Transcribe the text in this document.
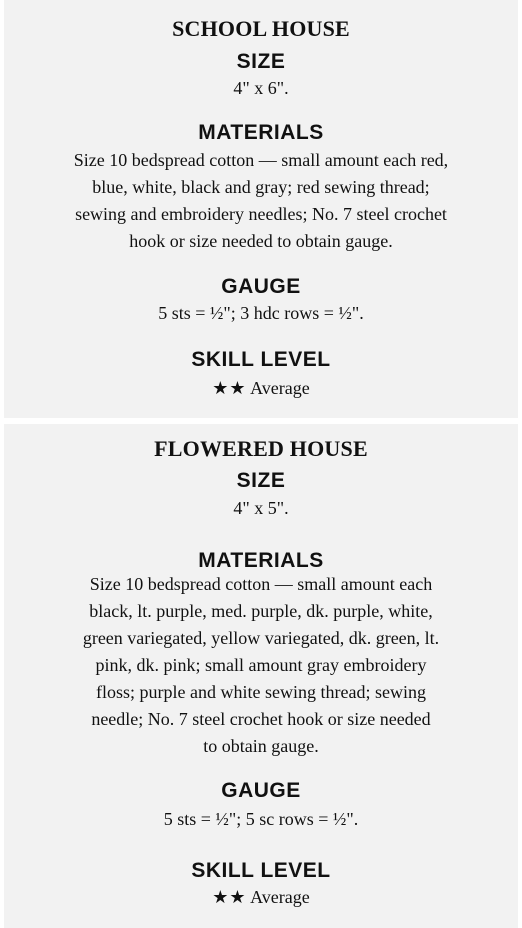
SCHOOL HOUSE
SIZE
4" x 6".
MATERIALS
Size 10 bedspread cotton — small amount each red,
blue, white, black and gray; red sewing thread;
sewing and embroidery needles; No. 7 steel crochet
hook or size needed to obtain gauge.
GAUGE
5 sts = ½"; 3 hdc rows = ½".
SKILL LEVEL
★★ Average
FLOWERED HOUSE
SIZE
4" x 5".
MATERIALS
Size 10 bedspread cotton — small amount each
black, lt. purple, med. purple, dk. purple, white,
green variegated, yellow variegated, dk. green, lt.
pink, dk. pink; small amount gray embroidery
floss; purple and white sewing thread; sewing
needle; No. 7 steel crochet hook or size needed
to obtain gauge.
GAUGE
5 sts = ½"; 5 sc rows = ½".
SKILL LEVEL
★★ Average
